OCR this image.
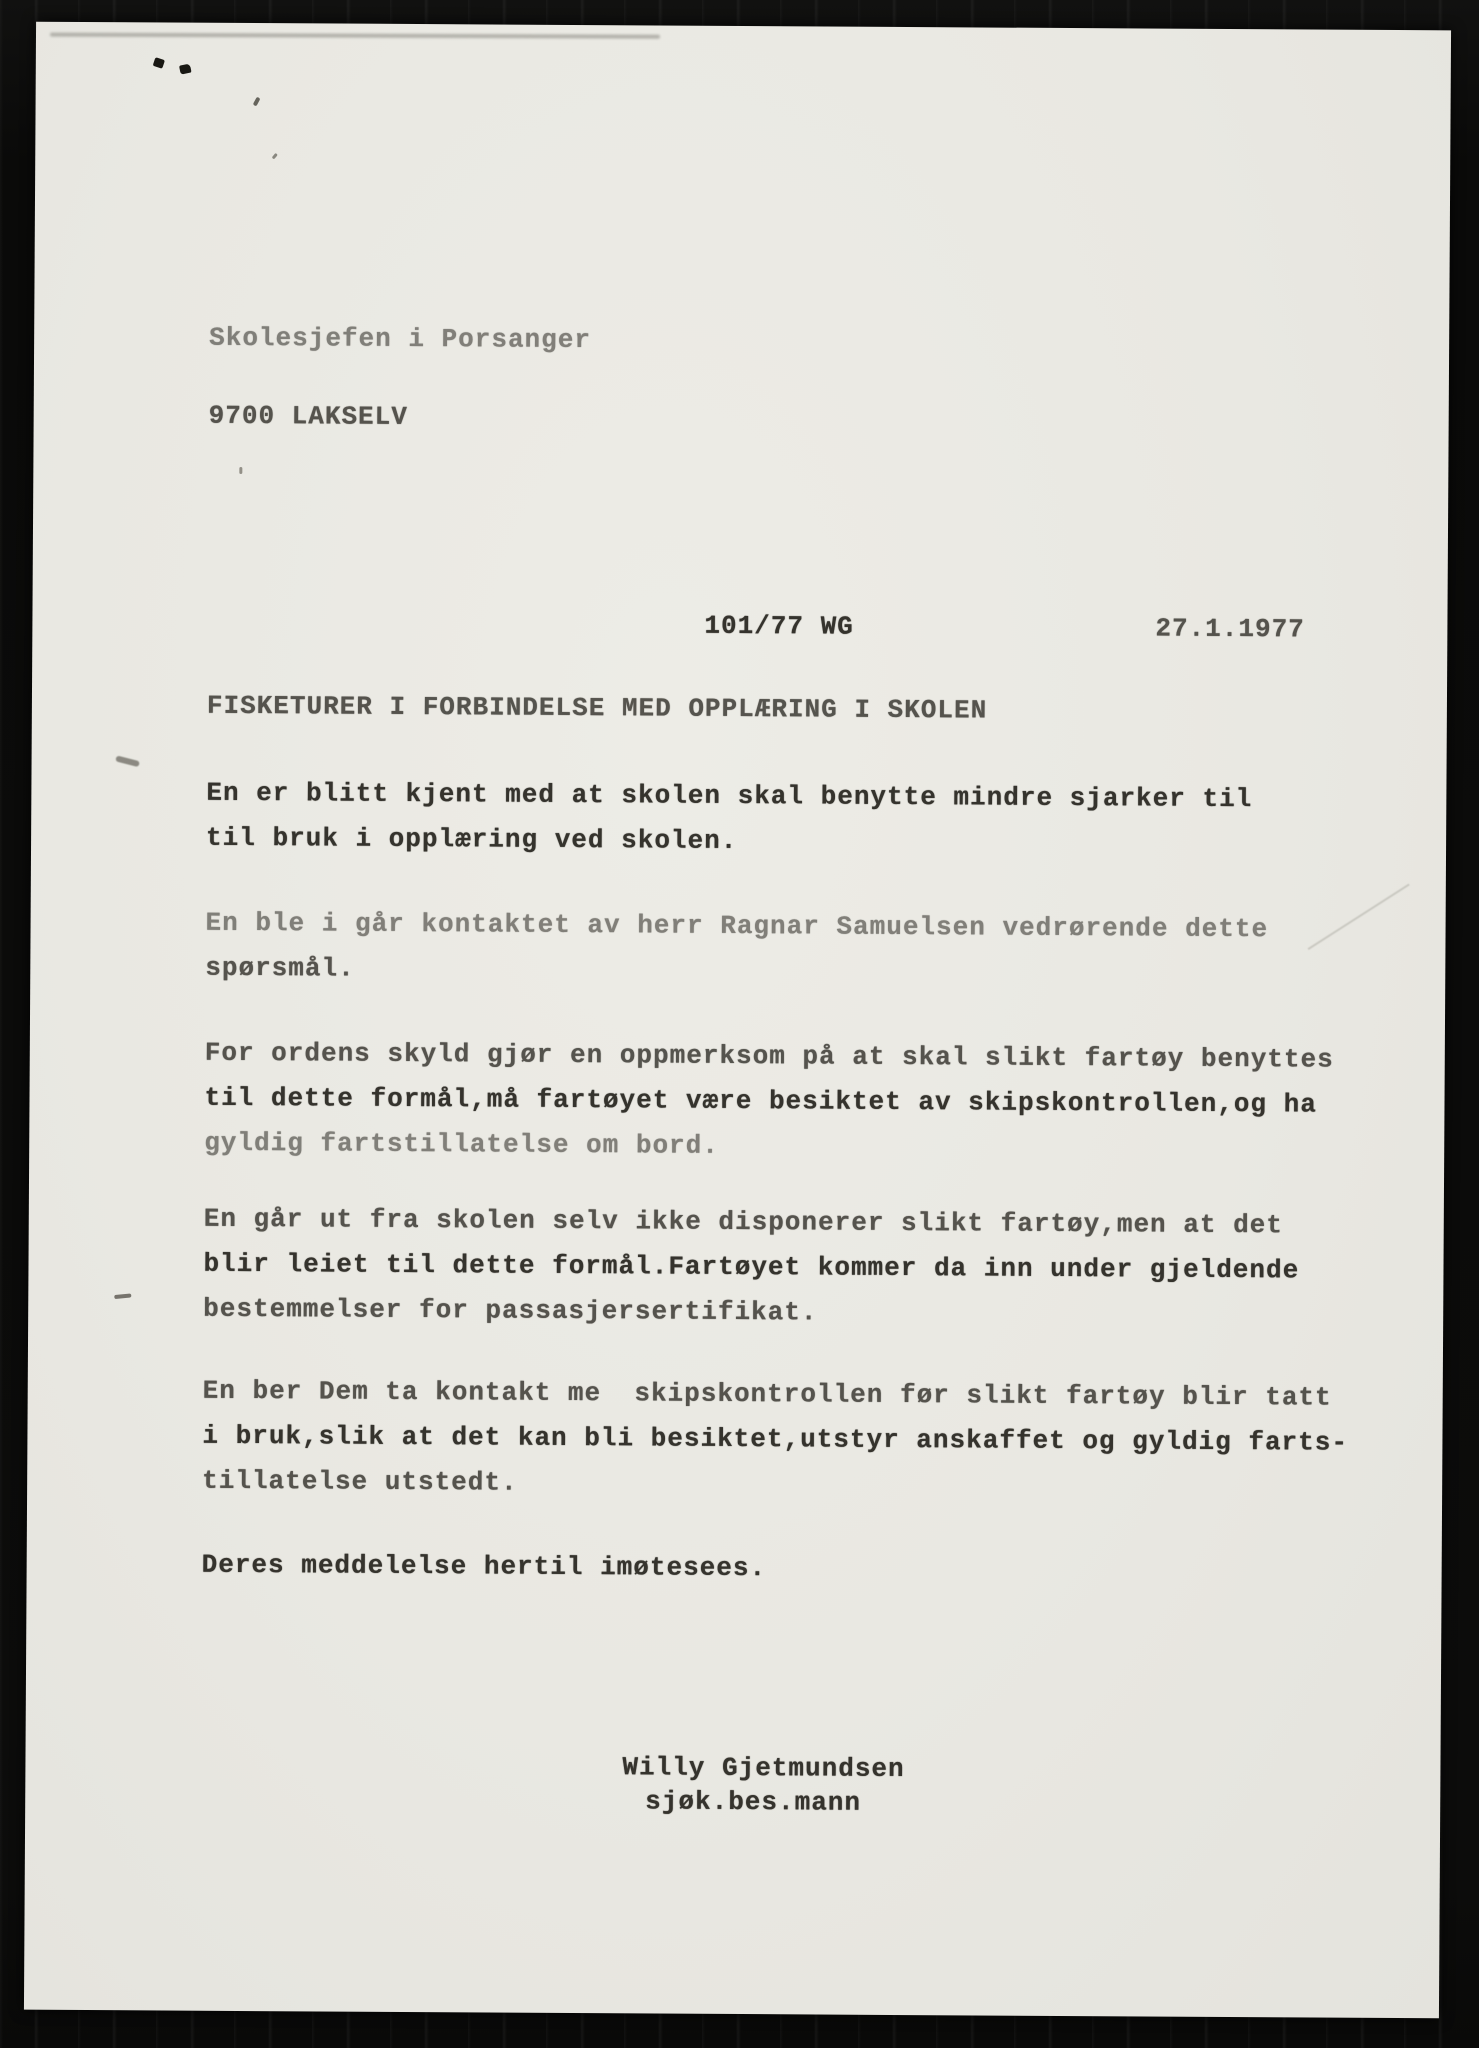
Skolesjefen i Porsanger
9700 LAKSELV
101/77 WG	27.1.1977
FISKETURER I FORBINDELSE MED OPPLÆRING I SKOLEN
En er blitt kjent med at skolen skal benytte mindre sjarker til
til bruk i opplæring ved skolen.
En ble i går kontaktet av herr Ragnar Samuelsen vedrørende dette
spørsmål.
For ordens skyld gjør en oppmerksom på at skal slikt fartøy benyttes
til dette formål,må fartøyet være besiktet av skipskontrollen,og ha
gyldig fartstillatelse om bord.
En går ut fra skolen selv ikke disponerer slikt fartøy,men at det
blir leiet til dette formål.Fartøyet kommer da inn under gjeldende
bestemmelser for passasjersertifikat.
En ber Dem ta kontakt me  skipskontrollen før slikt fartøy blir tatt
i bruk,slik at det kan bli besiktet,utstyr anskaffet og gyldig farts-
tillatelse utstedt.
Deres meddelelse hertil imøtesees.
Willy Gjetmundsen
sjøk.bes.mann
